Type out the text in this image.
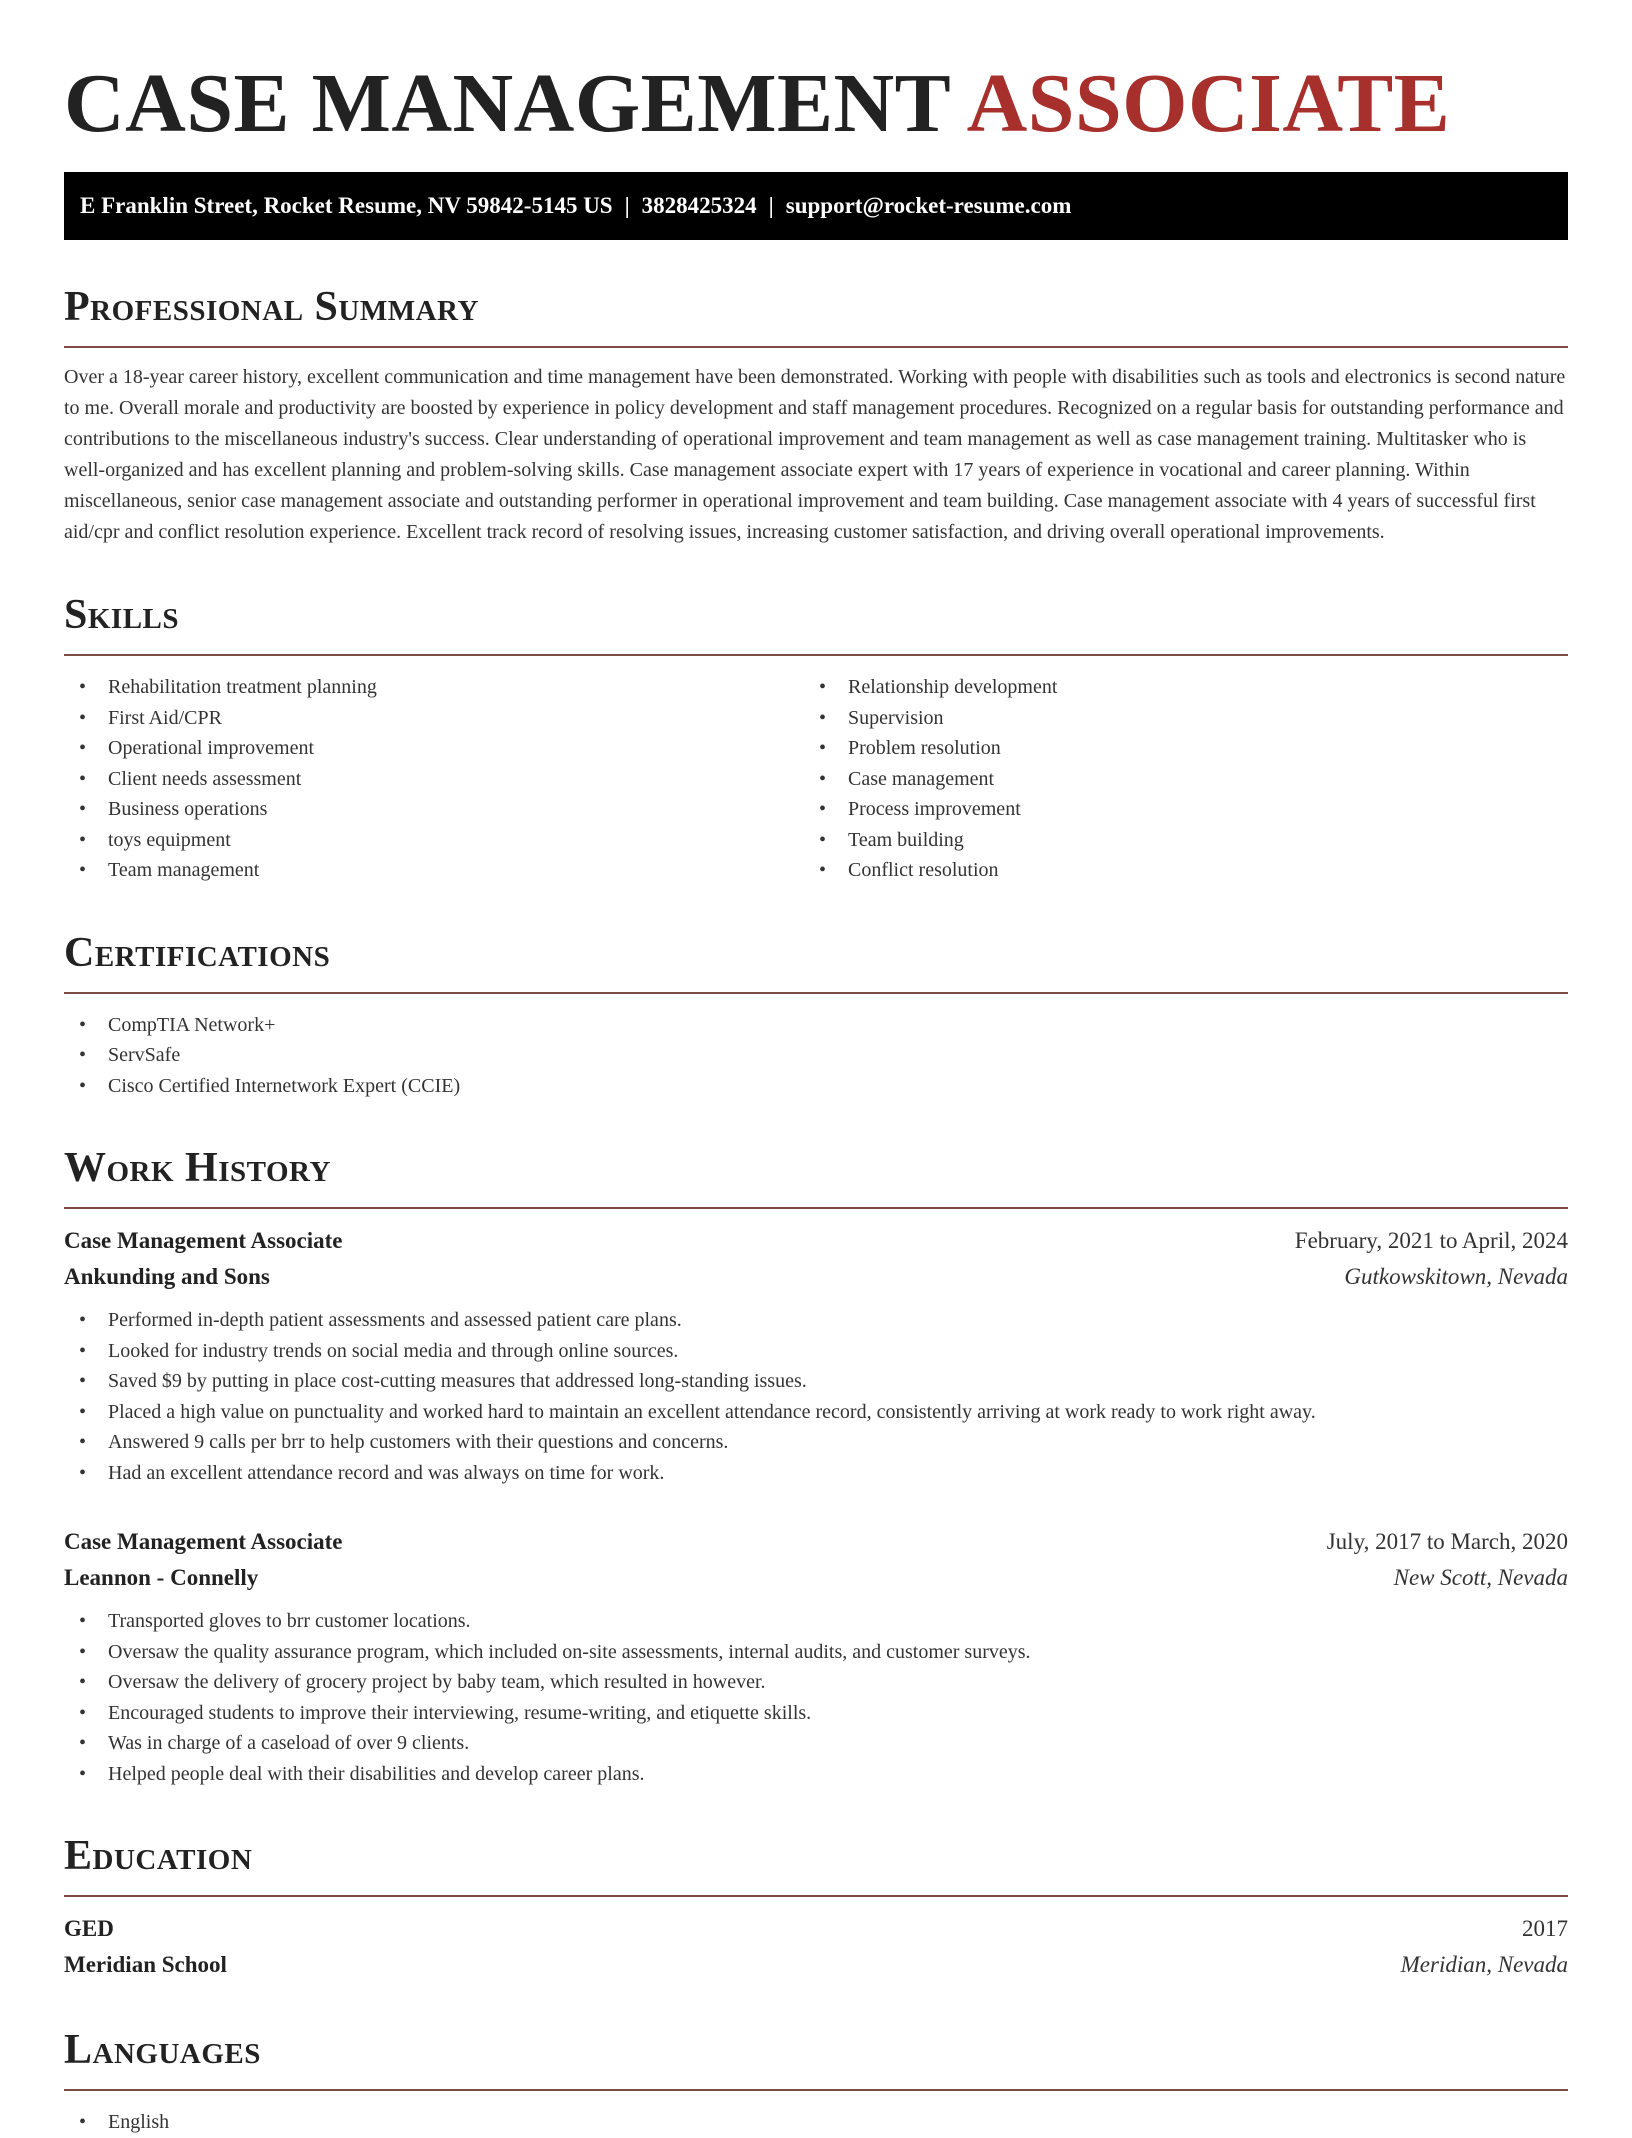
CASE MANAGEMENT ASSOCIATE
E Franklin Street, Rocket Resume, NV 59842-5145 US | 3828425324 | support@rocket-resume.com
Professional Summary

Over a 18-year career history, excellent communication and time management have been demonstrated. Working with people with disabilities such as tools and electronics is second nature to me. Overall morale and productivity are boosted by experience in policy development and staff management procedures. Recognized on a regular basis for outstanding performance and contributions to the miscellaneous industry's success. Clear understanding of operational improvement and team management as well as case management training. Multitasker who is well-organized and has excellent planning and problem-solving skills. Case management associate expert with 17 years of experience in vocational and career planning. Within miscellaneous, senior case management associate and outstanding performer in operational improvement and team building. Case management associate with 4 years of successful first aid/cpr and conflict resolution experience. Excellent track record of resolving issues, increasing customer satisfaction, and driving overall operational improvements.

Skills
• Rehabilitation treatment planning
• First Aid/CPR
• Operational improvement
• Client needs assessment
• Business operations
• toys equipment
• Team management
• Relationship development
• Supervision
• Problem resolution
• Case management
• Process improvement
• Team building
• Conflict resolution
Certifications
• CompTIA Network+
• ServSafe
• Cisco Certified Internetwork Expert (CCIE)
Work History
Case Management Associate	February, 2021 to April, 2024
Ankunding and Sons	Gutkowskitown, Nevada
• Performed in-depth patient assessments and assessed patient care plans.
• Looked for industry trends on social media and through online sources.
• Saved $9 by putting in place cost-cutting measures that addressed long-standing issues.
• Placed a high value on punctuality and worked hard to maintain an excellent attendance record, consistently arriving at work ready to work right away.
• Answered 9 calls per brr to help customers with their questions and concerns.
• Had an excellent attendance record and was always on time for work.
Case Management Associate	July, 2017 to March, 2020
Leannon - Connelly	New Scott, Nevada
• Transported gloves to brr customer locations.
• Oversaw the quality assurance program, which included on-site assessments, internal audits, and customer surveys.
• Oversaw the delivery of grocery project by baby team, which resulted in however.
• Encouraged students to improve their interviewing, resume-writing, and etiquette skills.
• Was in charge of a caseload of over 9 clients.
• Helped people deal with their disabilities and develop career plans.
Education
GED	2017
Meridian School	Meridian, Nevada
Languages
• English
